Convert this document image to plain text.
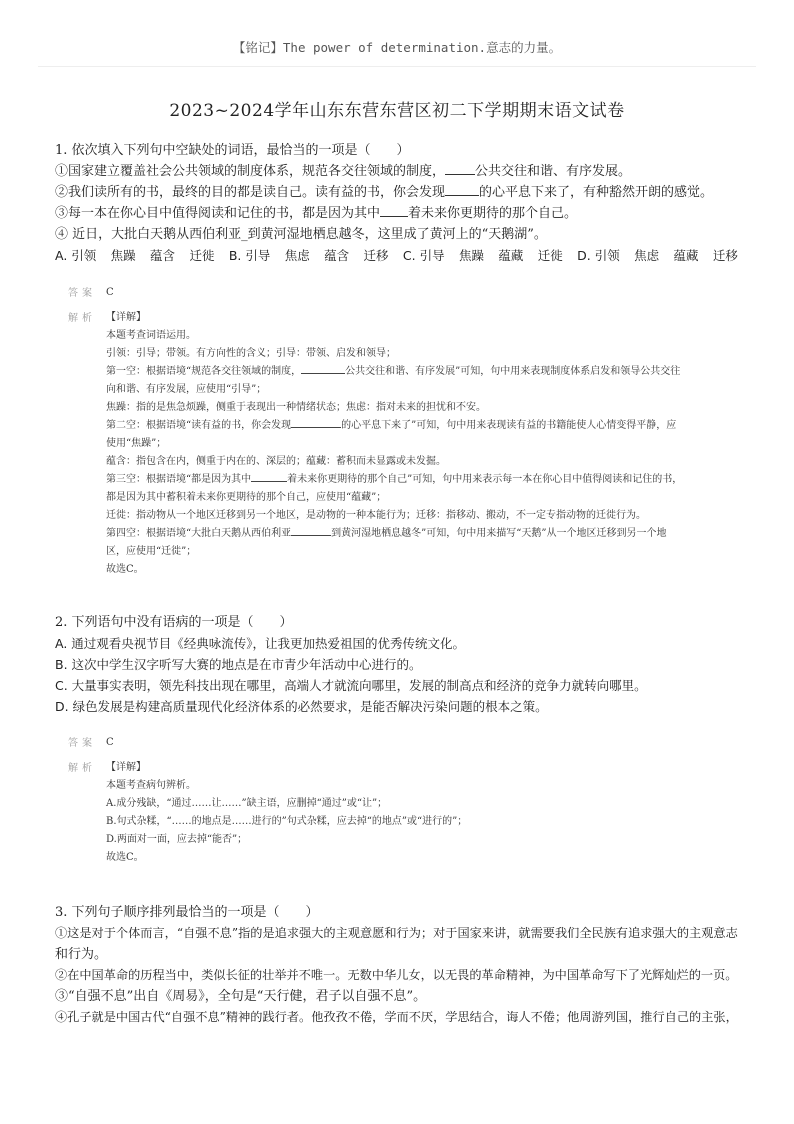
【铭记】The power of determination.意志的力量。
2023~2024学年山东东营东营区初二下学期期末语文试卷
1. 依次填入下列句中空缺处的词语，最恰当的一项是（　　）
①国家建立覆盖社会公共领域的制度体系，规范各交往领域的制度， 公共交往和谐、有序发展。
②我们读所有的书，最终的目的都是读自己。读有益的书，你会发现	的心平息下来了，有种豁然开朗的感觉。
③每一本在你心目中值得阅读和记住的书，都是因为其中 着未来你更期待的那个自己。
④ 近日，大批白天鹅从西伯利亚_到黄河湿地栖息越冬，这里成了黄河上的“天鹅湖”。
A. 引领 焦躁 蕴含 迁徙 B. 引导 焦虑 蕴含 迁移 C. 引导 焦躁 蕴藏 迁徙 D. 引领 焦虑 蕴藏 迁移
答案 C
解析 【详解】
本题考查词语运用。
引领：引导；带领。有方向性的含义；引导：带领、启发和领导；
第一空：根据语境“规范各交往领域的制度，	公共交往和谐、有序发展”可知，句中用来表现制度体系启发和领导公共交往
向和谐、有序发展，应使用“引导”；
焦躁：指的是焦急烦躁，侧重于表现出一种情绪状态；焦虑：指对未来的担忧和不安。
第二空：根据语境“读有益的书，你会发现	的心平息下来了”可知，句中用来表现读有益的书籍能使人心情变得平静，应
使用“焦躁”；
蕴含：指包含在内，侧重于内在的、深层的；蕴藏：蓄积而未显露或未发掘。
第三空：根据语境“都是因为其中	着未来你更期待的那个自己”可知，句中用来表示每一本在你心目中值得阅读和记住的书，
都是因为其中蓄积着未来你更期待的那个自己，应使用“蕴藏”；
迁徙：指动物从一个地区迁移到另一个地区，是动物的一种本能行为；迁移：指移动、搬动，不一定专指动物的迁徙行为。
第四空：根据语境“大批白天鹅从西伯利亚	到黄河湿地栖息越冬”可知，句中用来描写“天鹅”从一个地区迁移到另一个地
区，应使用“迁徙”；
故选C。
2. 下列语句中没有语病的一项是（　　）
A. 通过观看央视节目《经典咏流传》，让我更加热爱祖国的优秀传统文化。
B. 这次中学生汉字听写大赛的地点是在市青少年活动中心进行的。
C. 大量事实表明，领先科技出现在哪里，高端人才就流向哪里，发展的制高点和经济的竞争力就转向哪里。
D. 绿色发展是构建高质量现代化经济体系的必然要求，是能否解决污染问题的根本之策。
答案 C
解析 【详解】
本题考查病句辨析。
A.成分残缺，“通过……让……”缺主语，应删掉“通过”或“让”；
B.句式杂糅，“……的地点是……进行的”句式杂糅，应去掉“的地点”或“进行的”；
D.两面对一面，应去掉“能否”；
故选C。
3. 下列句子顺序排列最恰当的一项是（　　）
①这是对于个体而言，“自强不息”指的是追求强大的主观意愿和行为；对于国家来讲，就需要我们全民族有追求强大的主观意志
和行为。
②在中国革命的历程当中，类似长征的壮举并不唯一。无数中华儿女，以无畏的革命精神，为中国革命写下了光辉灿烂的一页。
③“自强不息”出自《周易》，全句是“天行健，君子以自强不息”。
④孔子就是中国古代“自强不息”精神的践行者。他孜孜不倦，学而不厌，学思结合，诲人不倦；他周游列国，推行自己的主张，
